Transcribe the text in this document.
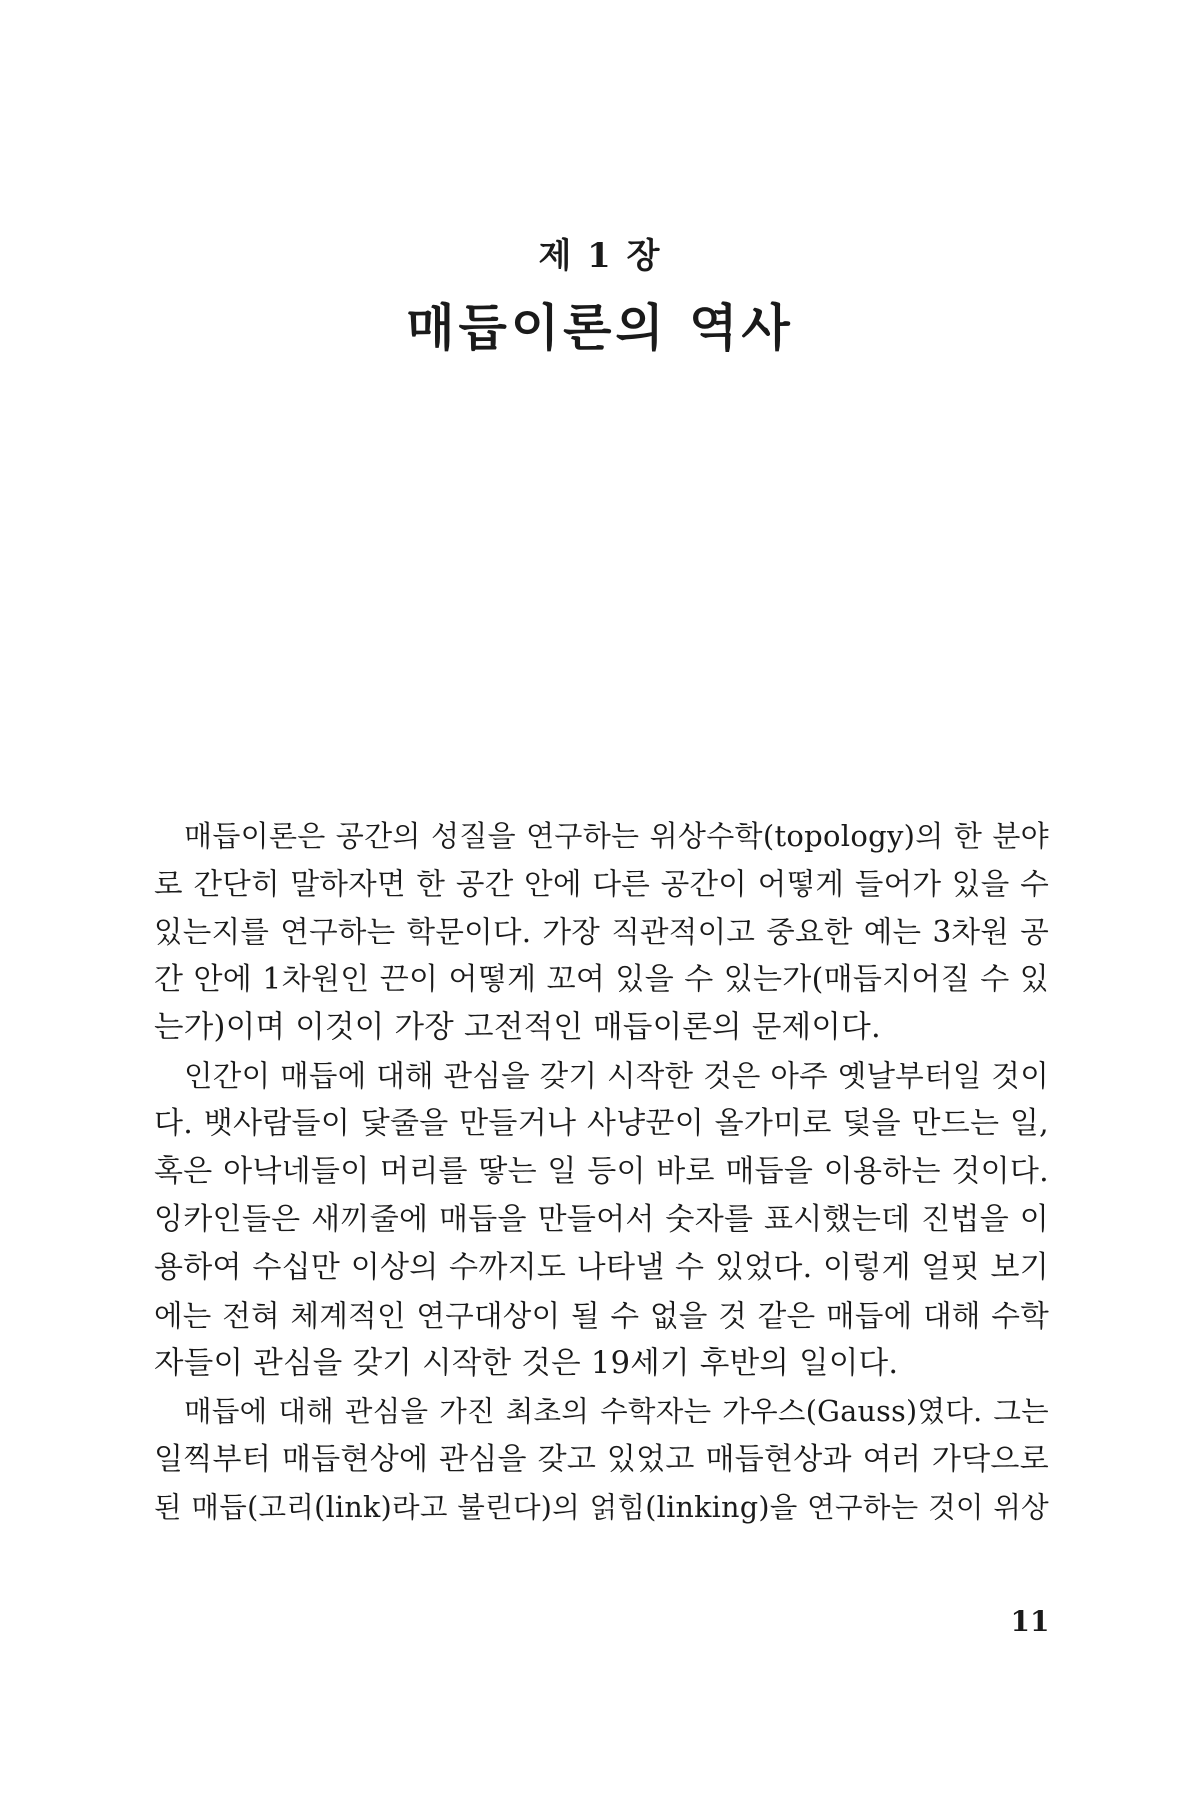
제 1 장
매듭이론의 역사
매듭이론은 공간의 성질을 연구하는 위상수학(topology)의 한 분야
로 간단히 말하자면 한 공간 안에 다른 공간이 어떻게 들어가 있을 수
있는지를 연구하는 학문이다. 가장 직관적이고 중요한 예는 3차원 공
간 안에 1차원인 끈이 어떻게 꼬여 있을 수 있는가(매듭지어질 수 있
는가)이며 이것이 가장 고전적인 매듭이론의 문제이다.
인간이 매듭에 대해 관심을 갖기 시작한 것은 아주 옛날부터일 것이
다. 뱃사람들이 닻줄을 만들거나 사냥꾼이 올가미로 덫을 만드는 일,
혹은 아낙네들이 머리를 땋는 일 등이 바로 매듭을 이용하는 것이다.
잉카인들은 새끼줄에 매듭을 만들어서 숫자를 표시했는데 진법을 이
용하여 수십만 이상의 수까지도 나타낼 수 있었다. 이렇게 얼핏 보기
에는 전혀 체계적인 연구대상이 될 수 없을 것 같은 매듭에 대해 수학
자들이 관심을 갖기 시작한 것은 19세기 후반의 일이다.
매듭에 대해 관심을 가진 최초의 수학자는 가우스(Gauss)였다. 그는
일찍부터 매듭현상에 관심을 갖고 있었고 매듭현상과 여러 가닥으로
된 매듭(고리(link)라고 불린다)의 얽힘(linking)을 연구하는 것이 위상
11
